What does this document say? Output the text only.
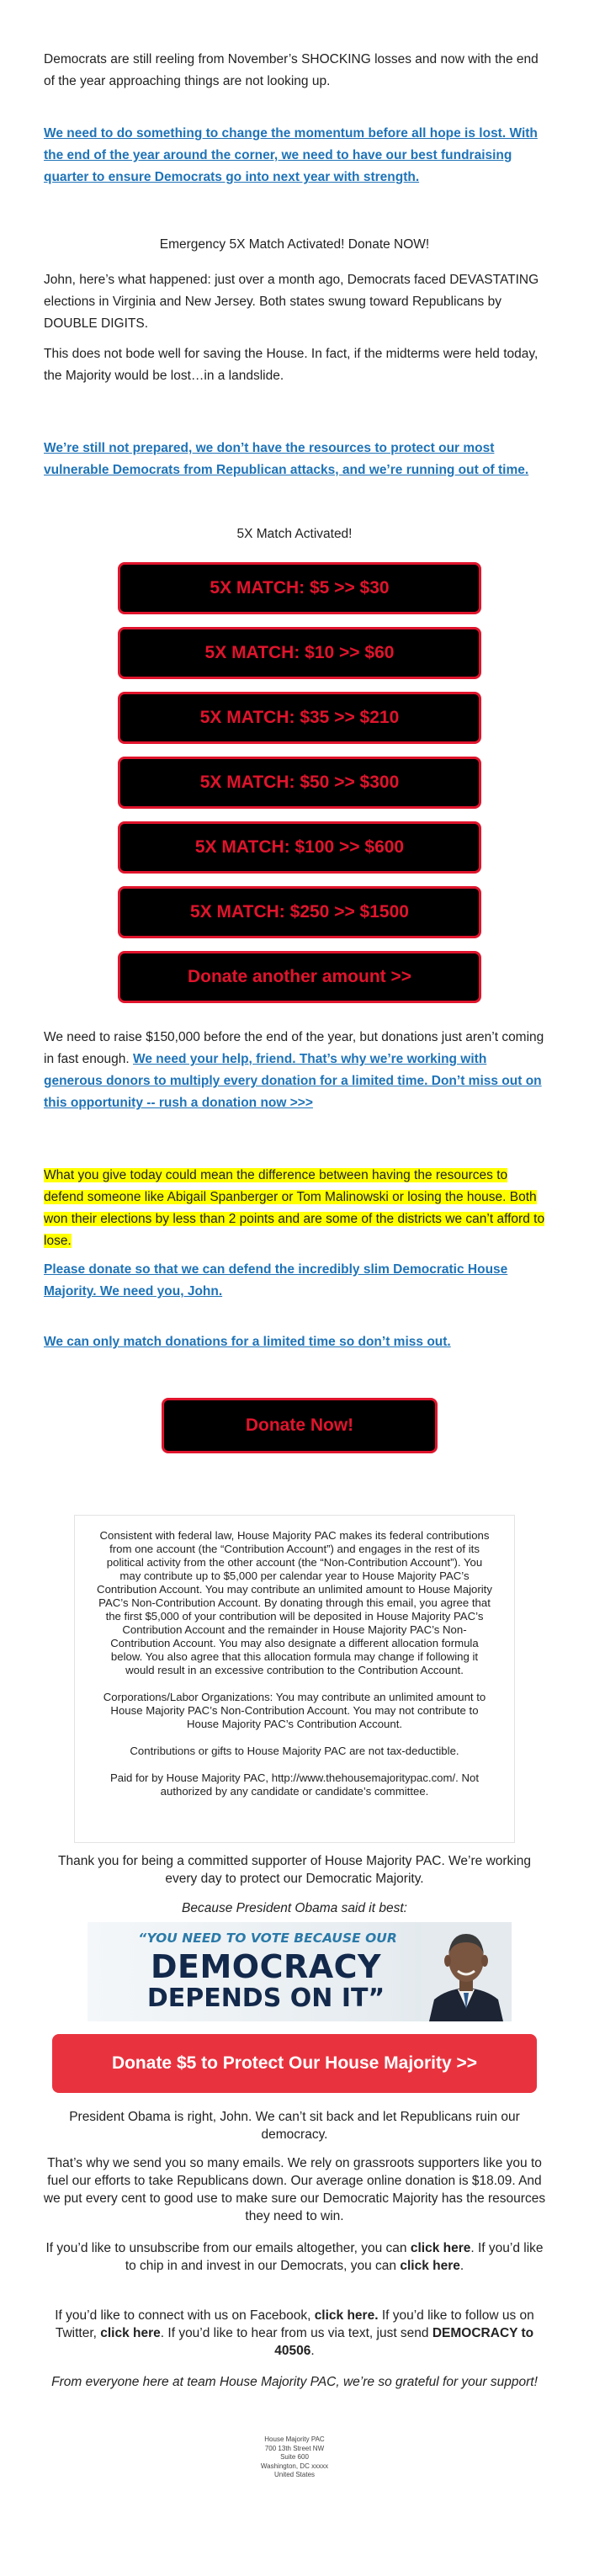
Democrats are still reeling from November’s SHOCKING losses and now with the end of the year approaching things are not looking up.

We need to do something to change the momentum before all hope is lost. With the end of the year around the corner, we need to have our best fundraising quarter to ensure Democrats go into next year with strength.

Emergency 5X Match Activated! Donate NOW!

John, here’s what happened: just over a month ago, Democrats faced DEVASTATING elections in Virginia and New Jersey. Both states swung toward Republicans by DOUBLE DIGITS.

This does not bode well for saving the House. In fact, if the midterms were held today, the Majority would be lost…in a landslide.

We’re still not prepared, we don’t have the resources to protect our most vulnerable Democrats from Republican attacks, and we’re running out of time.

5X Match Activated!

5X MATCH: $5 >> $30
5X MATCH: $10 >> $60
5X MATCH: $35 >> $210
5X MATCH: $50 >> $300
5X MATCH: $100 >> $600
5X MATCH: $250 >> $1500
Donate another amount >>

We need to raise $150,000 before the end of the year, but donations just aren’t coming in fast enough. We need your help, friend. That’s why we’re working with generous donors to multiply every donation for a limited time. Don’t miss out on this opportunity -- rush a donation now >>>

What you give today could mean the difference between having the resources to defend someone like Abigail Spanberger or Tom Malinowski or losing the house. Both won their elections by less than 2 points and are some of the districts we can’t afford to lose.

Please donate so that we can defend the incredibly slim Democratic House Majority. We need you, John.

We can only match donations for a limited time so don’t miss out.

Donate Now!

Consistent with federal law, House Majority PAC makes its federal contributions from one account (the “Contribution Account”) and engages in the rest of its political activity from the other account (the “Non-Contribution Account”). You may contribute up to $5,000 per calendar year to House Majority PAC’s Contribution Account. You may contribute an unlimited amount to House Majority PAC’s Non-Contribution Account. By donating through this email, you agree that the first $5,000 of your contribution will be deposited in House Majority PAC’s Contribution Account and the remainder in House Majority PAC’s Non-Contribution Account. You may also designate a different allocation formula below. You also agree that this allocation formula may change if following it would result in an excessive contribution to the Contribution Account.

Corporations/Labor Organizations: You may contribute an unlimited amount to House Majority PAC’s Non-Contribution Account. You may not contribute to House Majority PAC’s Contribution Account.

Contributions or gifts to House Majority PAC are not tax-deductible.

Paid for by House Majority PAC, http://www.thehousemajoritypac.com/. Not authorized by any candidate or candidate’s committee.

Thank you for being a committed supporter of House Majority PAC. We’re working every day to protect our Democratic Majority.

Because President Obama said it best:

“YOU NEED TO VOTE BECAUSE OUR
DEMOCRACY
DEPENDS ON IT”
Donate $5 to Protect Our House Majority >>

President Obama is right, John. We can’t sit back and let Republicans ruin our democracy.

That’s why we send you so many emails. We rely on grassroots supporters like you to fuel our efforts to take Republicans down. Our average online donation is $18.09. And we put every cent to good use to make sure our Democratic Majority has the resources they need to win.

If you’d like to unsubscribe from our emails altogether, you can click here. If you’d like to chip in and invest in our Democrats, you can click here.

If you’d like to connect with us on Facebook, click here. If you’d like to follow us on Twitter, click here. If you’d like to hear from us via text, just send DEMOCRACY to 40506.

From everyone here at team House Majority PAC, we’re so grateful for your support!

House Majority PAC
700 13th Street NW
Suite 600
Washington, DC xxxxx
United States
